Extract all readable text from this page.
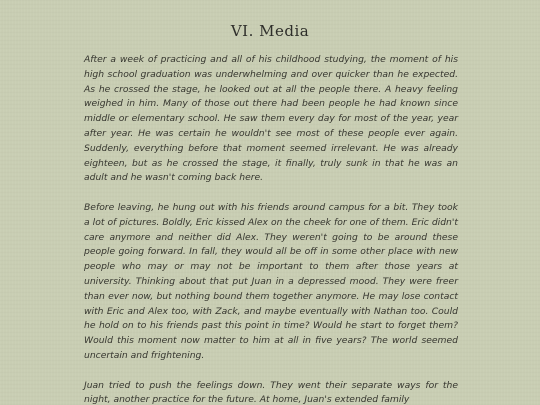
VI. Media

After a week of practicing and all of his childhood studying, the moment of his high school graduation was underwhelming and over quicker than he expected. As he crossed the stage, he looked out at all the people there. A heavy feeling weighed in him. Many of those out there had been people he had known since middle or elementary school. He saw them every day for most of the year, year after year. He was certain he wouldn't see most of these people ever again. Suddenly, everything before that moment seemed irrelevant. He was already eighteen, but as he crossed the stage, it finally, truly sunk in that he was an adult and he wasn't coming back here.

Before leaving, he hung out with his friends around campus for a bit. They took a lot of pictures. Boldly, Eric kissed Alex on the cheek for one of them. Eric didn't care anymore and neither did Alex. They weren't going to be around these people going forward. In fall, they would all be off in some other place with new people who may or may not be important to them after those years at university. Thinking about that put Juan in a depressed mood. They were freer than ever now, but nothing bound them together anymore. He may lose contact with Eric and Alex too, with Zack, and maybe eventually with Nathan too. Could he hold on to his friends past this point in time? Would he start to forget them? Would this moment now matter to him at all in five years? The world seemed uncertain and frightening.

Juan tried to push the feelings down. They went their separate ways for the night, another practice for the future. At home, Juan's extended family
